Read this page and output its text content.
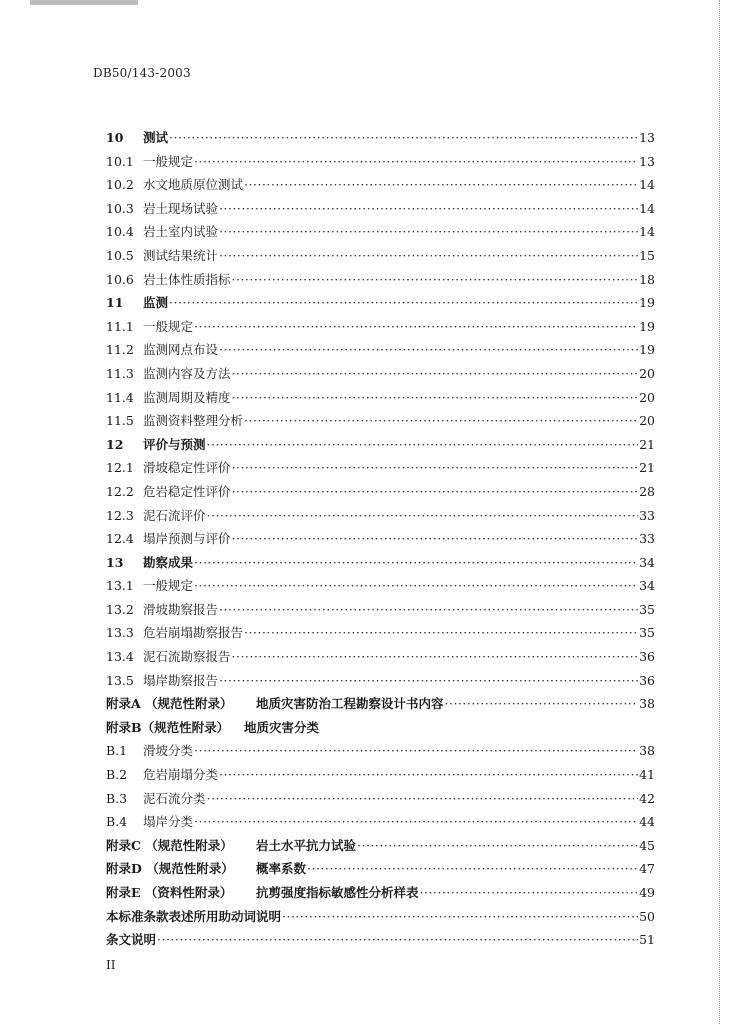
DB50/143-2003
10	测试 ·····	13
10.1 一般规定 ·····	13
10.2 水文地质原位测试 ·····	14
10.3 岩土现场试验 ·····	14
10.4 岩土室内试验 ·····	14
10.5 测试结果统计 ·····	15
10.6 岩土体性质指标 ·····	18
11	监测 ·····	19
11.1 一般规定 ·····	19
11.2 监测网点布设 ·····	19
11.3 监测内容及方法 ·····	20
11.4 监测周期及精度 ·····	20
11.5 监测资料整理分析 ·····	20
12	评价与预测 ·····	21
12.1 滑坡稳定性评价 ·····	21
12.2 危岩稳定性评价 ·····	28
12.3 泥石流评价 ·····	33
12.4 塌岸预测与评价 ·····	33
13	勘察成果 ·····	34
13.1 一般规定 ·····	34
13.2 滑坡勘察报告 ·····	35
13.3 危岩崩塌勘察报告 ·····	35
13.4 泥石流勘察报告 ·····	36
13.5 塌岸勘察报告 ·····	36
附录A （规范性附录）	地质灾害防治工程勘察设计书内容 ·····	38
附录B（规范性附录）	地质灾害分类
B.1	滑坡分类 ·····	38
B.2	危岩崩塌分类 ·····	41
B.3	泥石流分类 ·····	42
B.4	塌岸分类 ·····	44
附录C （规范性附录）	岩土水平抗力试验 ·····	45
附录D （规范性附录）	概率系数 ·····	47
附录E （资料性附录）	抗剪强度指标敏感性分析样表 ·····	49
本标准条款表述所用助动词说明 ·····	50
条文说明 ·····	51
II
